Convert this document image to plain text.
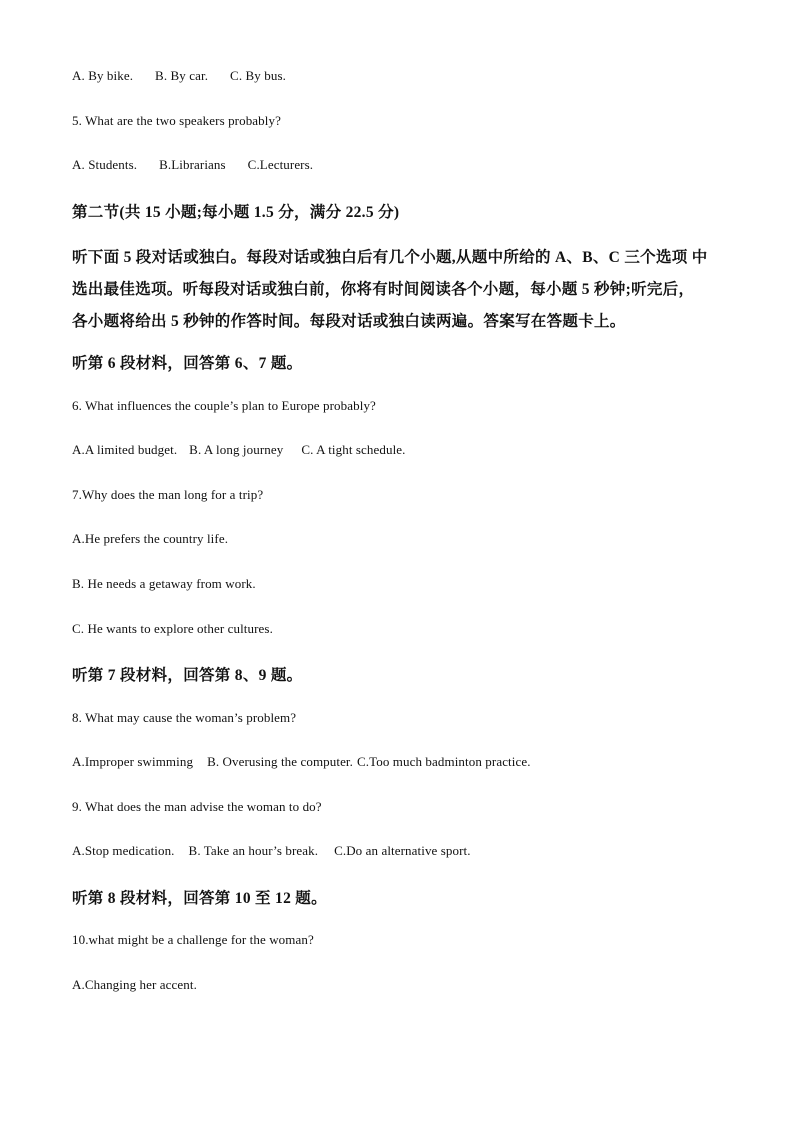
A. By bike. B. By car. C. By bus.
5. What are the two speakers probably?
A. Students. B.Librarians C.Lecturers.
第二节(共 15 小题;每小题 1.5 分，满分 22.5 分)
听下面 5 段对话或独白。每段对话或独白后有几个小题,从题中所给的 A、B、C 三个选项 中
选出最佳选项。听每段对话或独白前，你将有时间阅读各个小题，每小题 5 秒钟;听完后，
各小题将给出 5 秒钟的作答时间。每段对话或独白读两遍。答案写在答题卡上。
听第 6 段材料，回答第 6、7 题。
6. What influences the couple’s plan to Europe probably?
A.A limited budget. B. A long journey C. A tight schedule.
7.Why does the man long for a trip?
A.He prefers the country life.
B. He needs a getaway from work.
C. He wants to explore other cultures.
听第 7 段材料，回答第 8、9 题。
8. What may cause the woman’s problem?
A.Improper swimming B. Overusing the computer. C.Too much badminton practice.
9. What does the man advise the woman to do?
A.Stop medication. B. Take an hour’s break. C.Do an alternative sport.
听第 8 段材料，回答第 10 至 12 题。
10.what might be a challenge for the woman?
A.Changing her accent.
